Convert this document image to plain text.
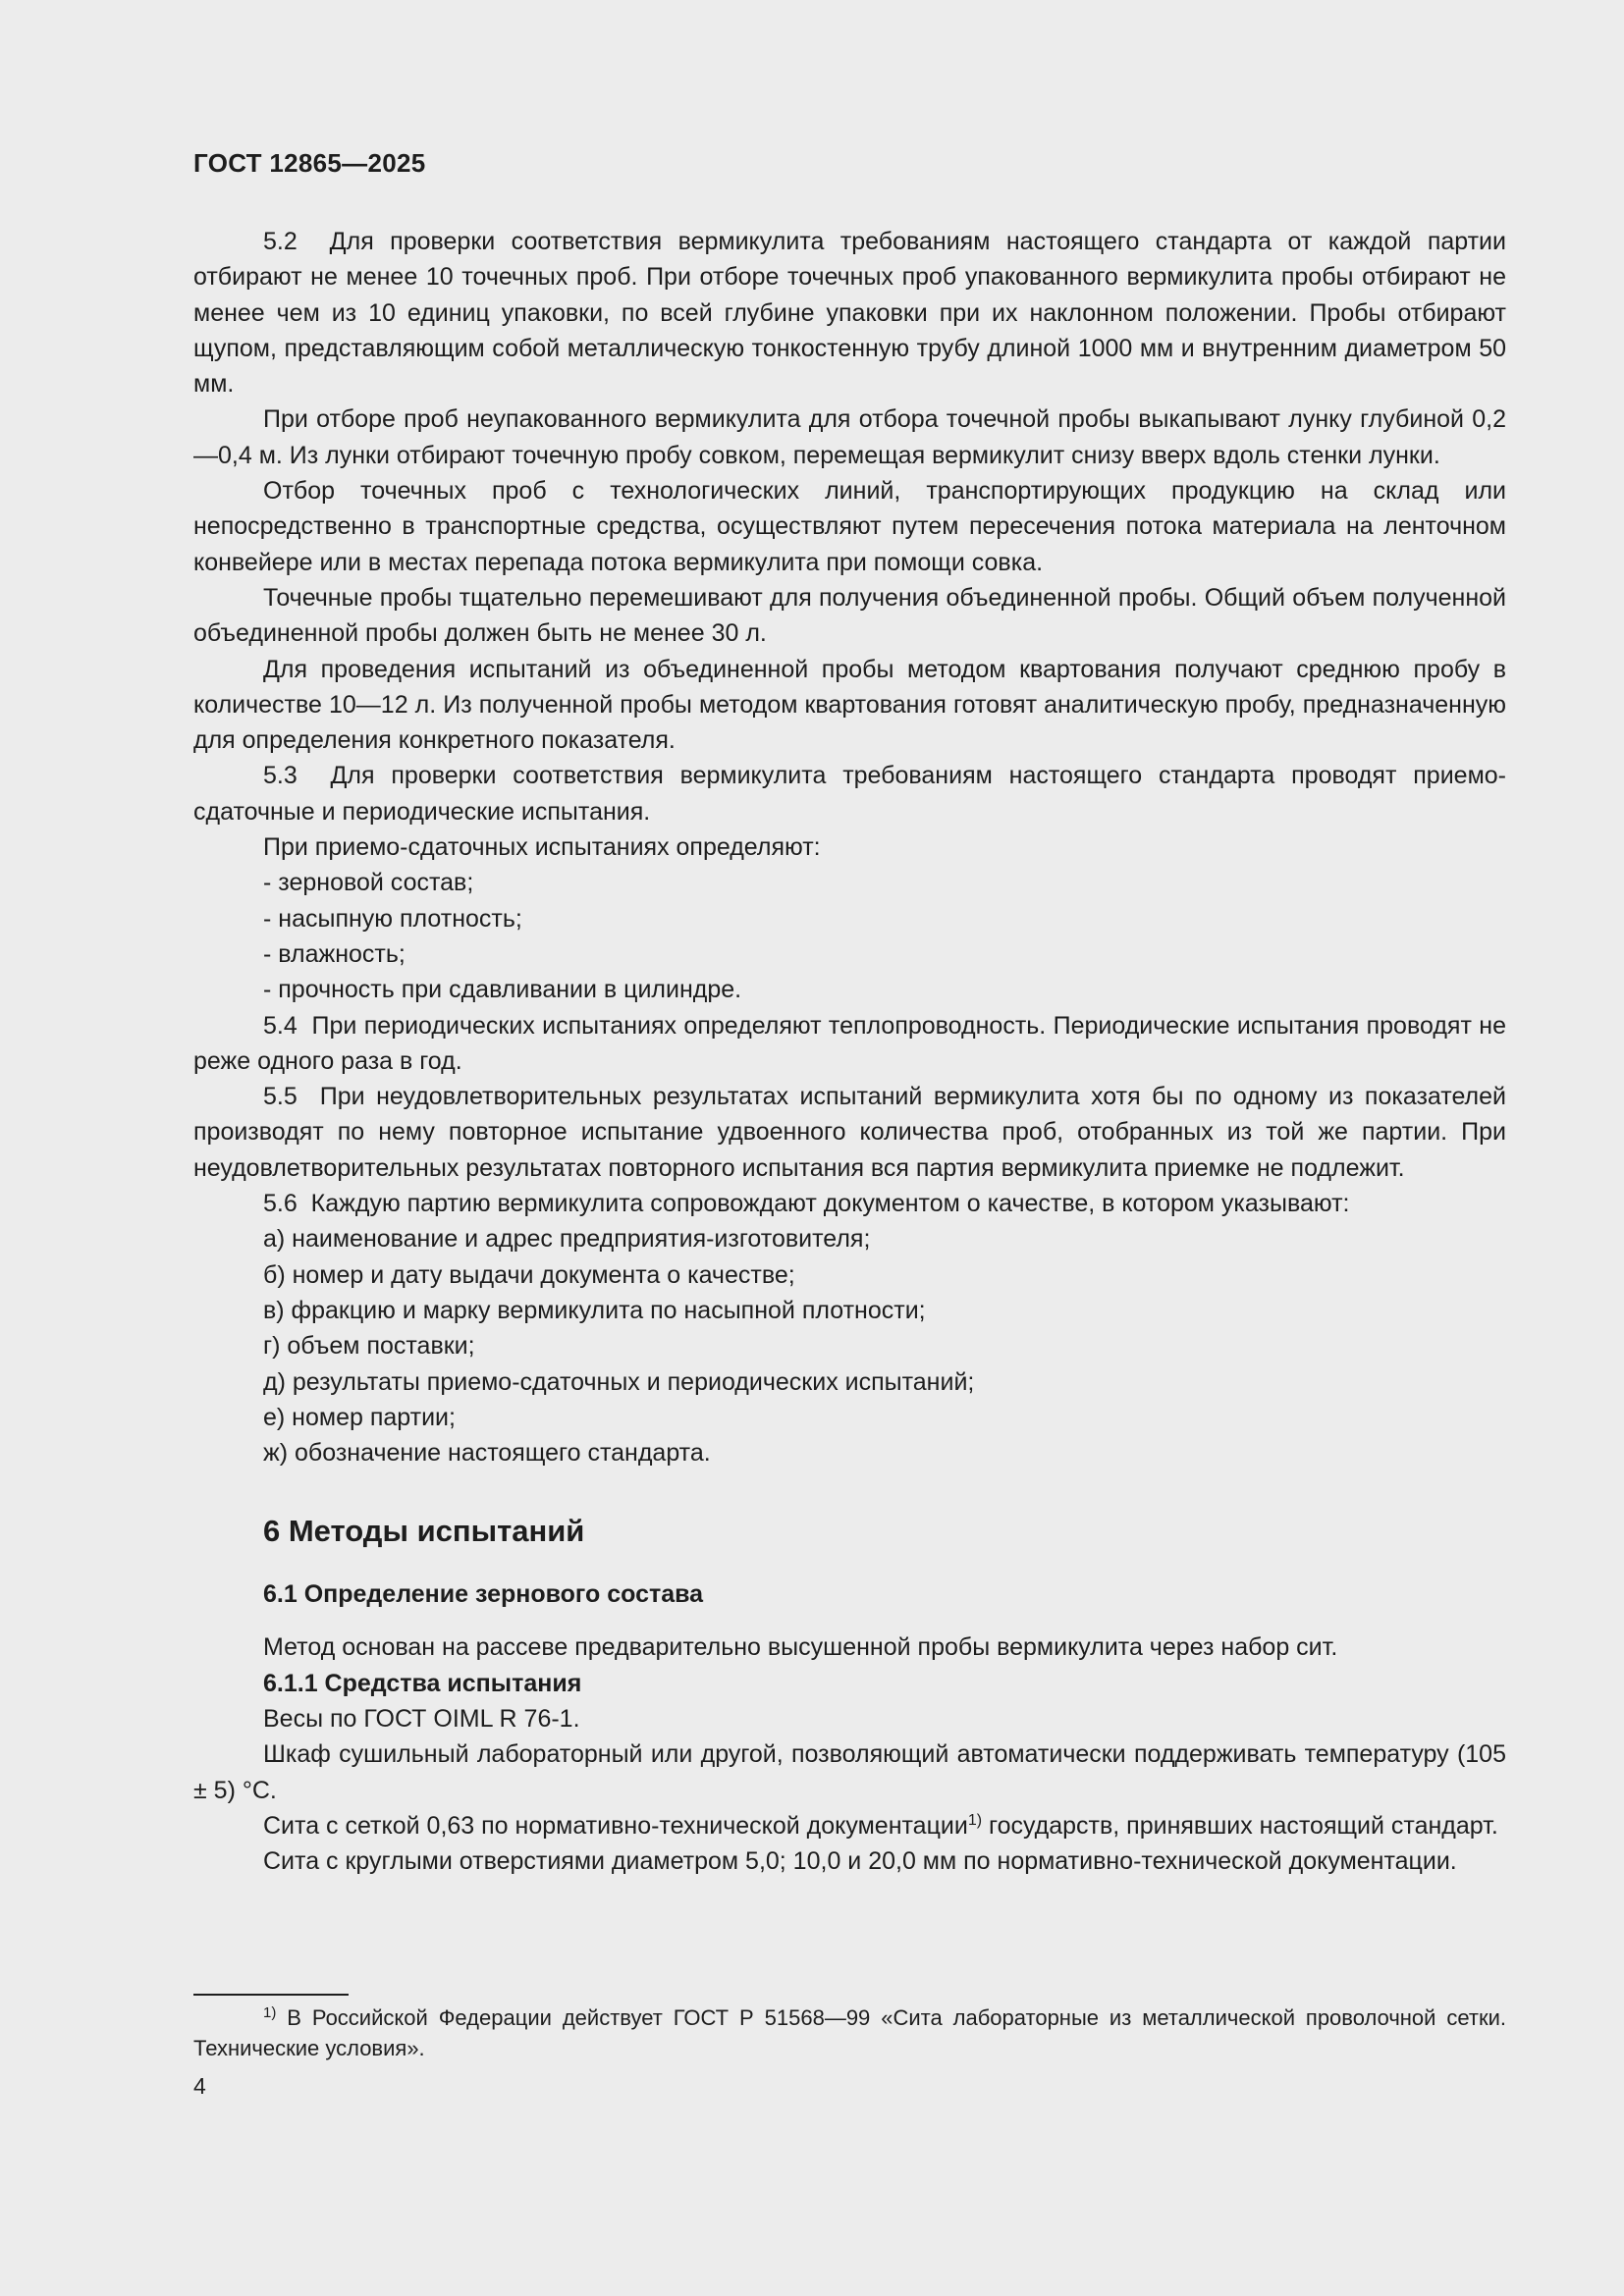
ГОСТ 12865—2025

5.2 Для проверки соответствия вермикулита требованиям настоящего стандарта от каждой партии отбирают не менее 10 точечных проб. При отборе точечных проб упакованного вермикулита пробы отбирают не менее чем из 10 единиц упаковки, по всей глубине упаковки при их наклонном положении. Пробы отбирают щупом, представляющим собой металлическую тонкостенную трубу длиной 1000 мм и внутренним диаметром 50 мм.

При отборе проб неупакованного вермикулита для отбора точечной пробы выкапывают лунку глубиной 0,2—0,4 м. Из лунки отбирают точечную пробу совком, перемещая вермикулит снизу вверх вдоль стенки лунки.

Отбор точечных проб с технологических линий, транспортирующих продукцию на склад или непосредственно в транспортные средства, осуществляют путем пересечения потока материала на ленточном конвейере или в местах перепада потока вермикулита при помощи совка.

Точечные пробы тщательно перемешивают для получения объединенной пробы. Общий объем полученной объединенной пробы должен быть не менее 30 л.

Для проведения испытаний из объединенной пробы методом квартования получают среднюю пробу в количестве 10—12 л. Из полученной пробы методом квартования готовят аналитическую пробу, предназначенную для определения конкретного показателя.

5.3 Для проверки соответствия вермикулита требованиям настоящего стандарта проводят приемо-сдаточные и периодические испытания.

При приемо-сдаточных испытаниях определяют:

- зерновой состав;

- насыпную плотность;

- влажность;

- прочность при сдавливании в цилиндре.

5.4 При периодических испытаниях определяют теплопроводность. Периодические испытания проводят не реже одного раза в год.

5.5 При неудовлетворительных результатах испытаний вермикулита хотя бы по одному из показателей производят по нему повторное испытание удвоенного количества проб, отобранных из той же партии. При неудовлетворительных результатах повторного испытания вся партия вермикулита приемке не подлежит.

5.6 Каждую партию вермикулита сопровождают документом о качестве, в котором указывают:

а) наименование и адрес предприятия-изготовителя;

б) номер и дату выдачи документа о качестве;

в) фракцию и марку вермикулита по насыпной плотности;

г) объем поставки;

д) результаты приемо-сдаточных и периодических испытаний;

е) номер партии;

ж) обозначение настоящего стандарта.

6 Методы испытаний
6.1 Определение зернового состава

Метод основан на рассеве предварительно высушенной пробы вермикулита через набор сит.

6.1.1 Средства испытания

Весы по ГОСТ OIML R 76-1.

Шкаф сушильный лабораторный или другой, позволяющий автоматически поддерживать температуру (105 ± 5) °С.

Сита с сеткой 0,63 по нормативно-технической документации$^{1)}$ государств, принявших настоящий стандарт.

Сита с круглыми отверстиями диаметром 5,0; 10,0 и 20,0 мм по нормативно-технической документации.

$^{1)}$ В Российской Федерации действует ГОСТ Р 51568—99 «Сита лабораторные из металлической проволочной сетки. Технические условия».
4
